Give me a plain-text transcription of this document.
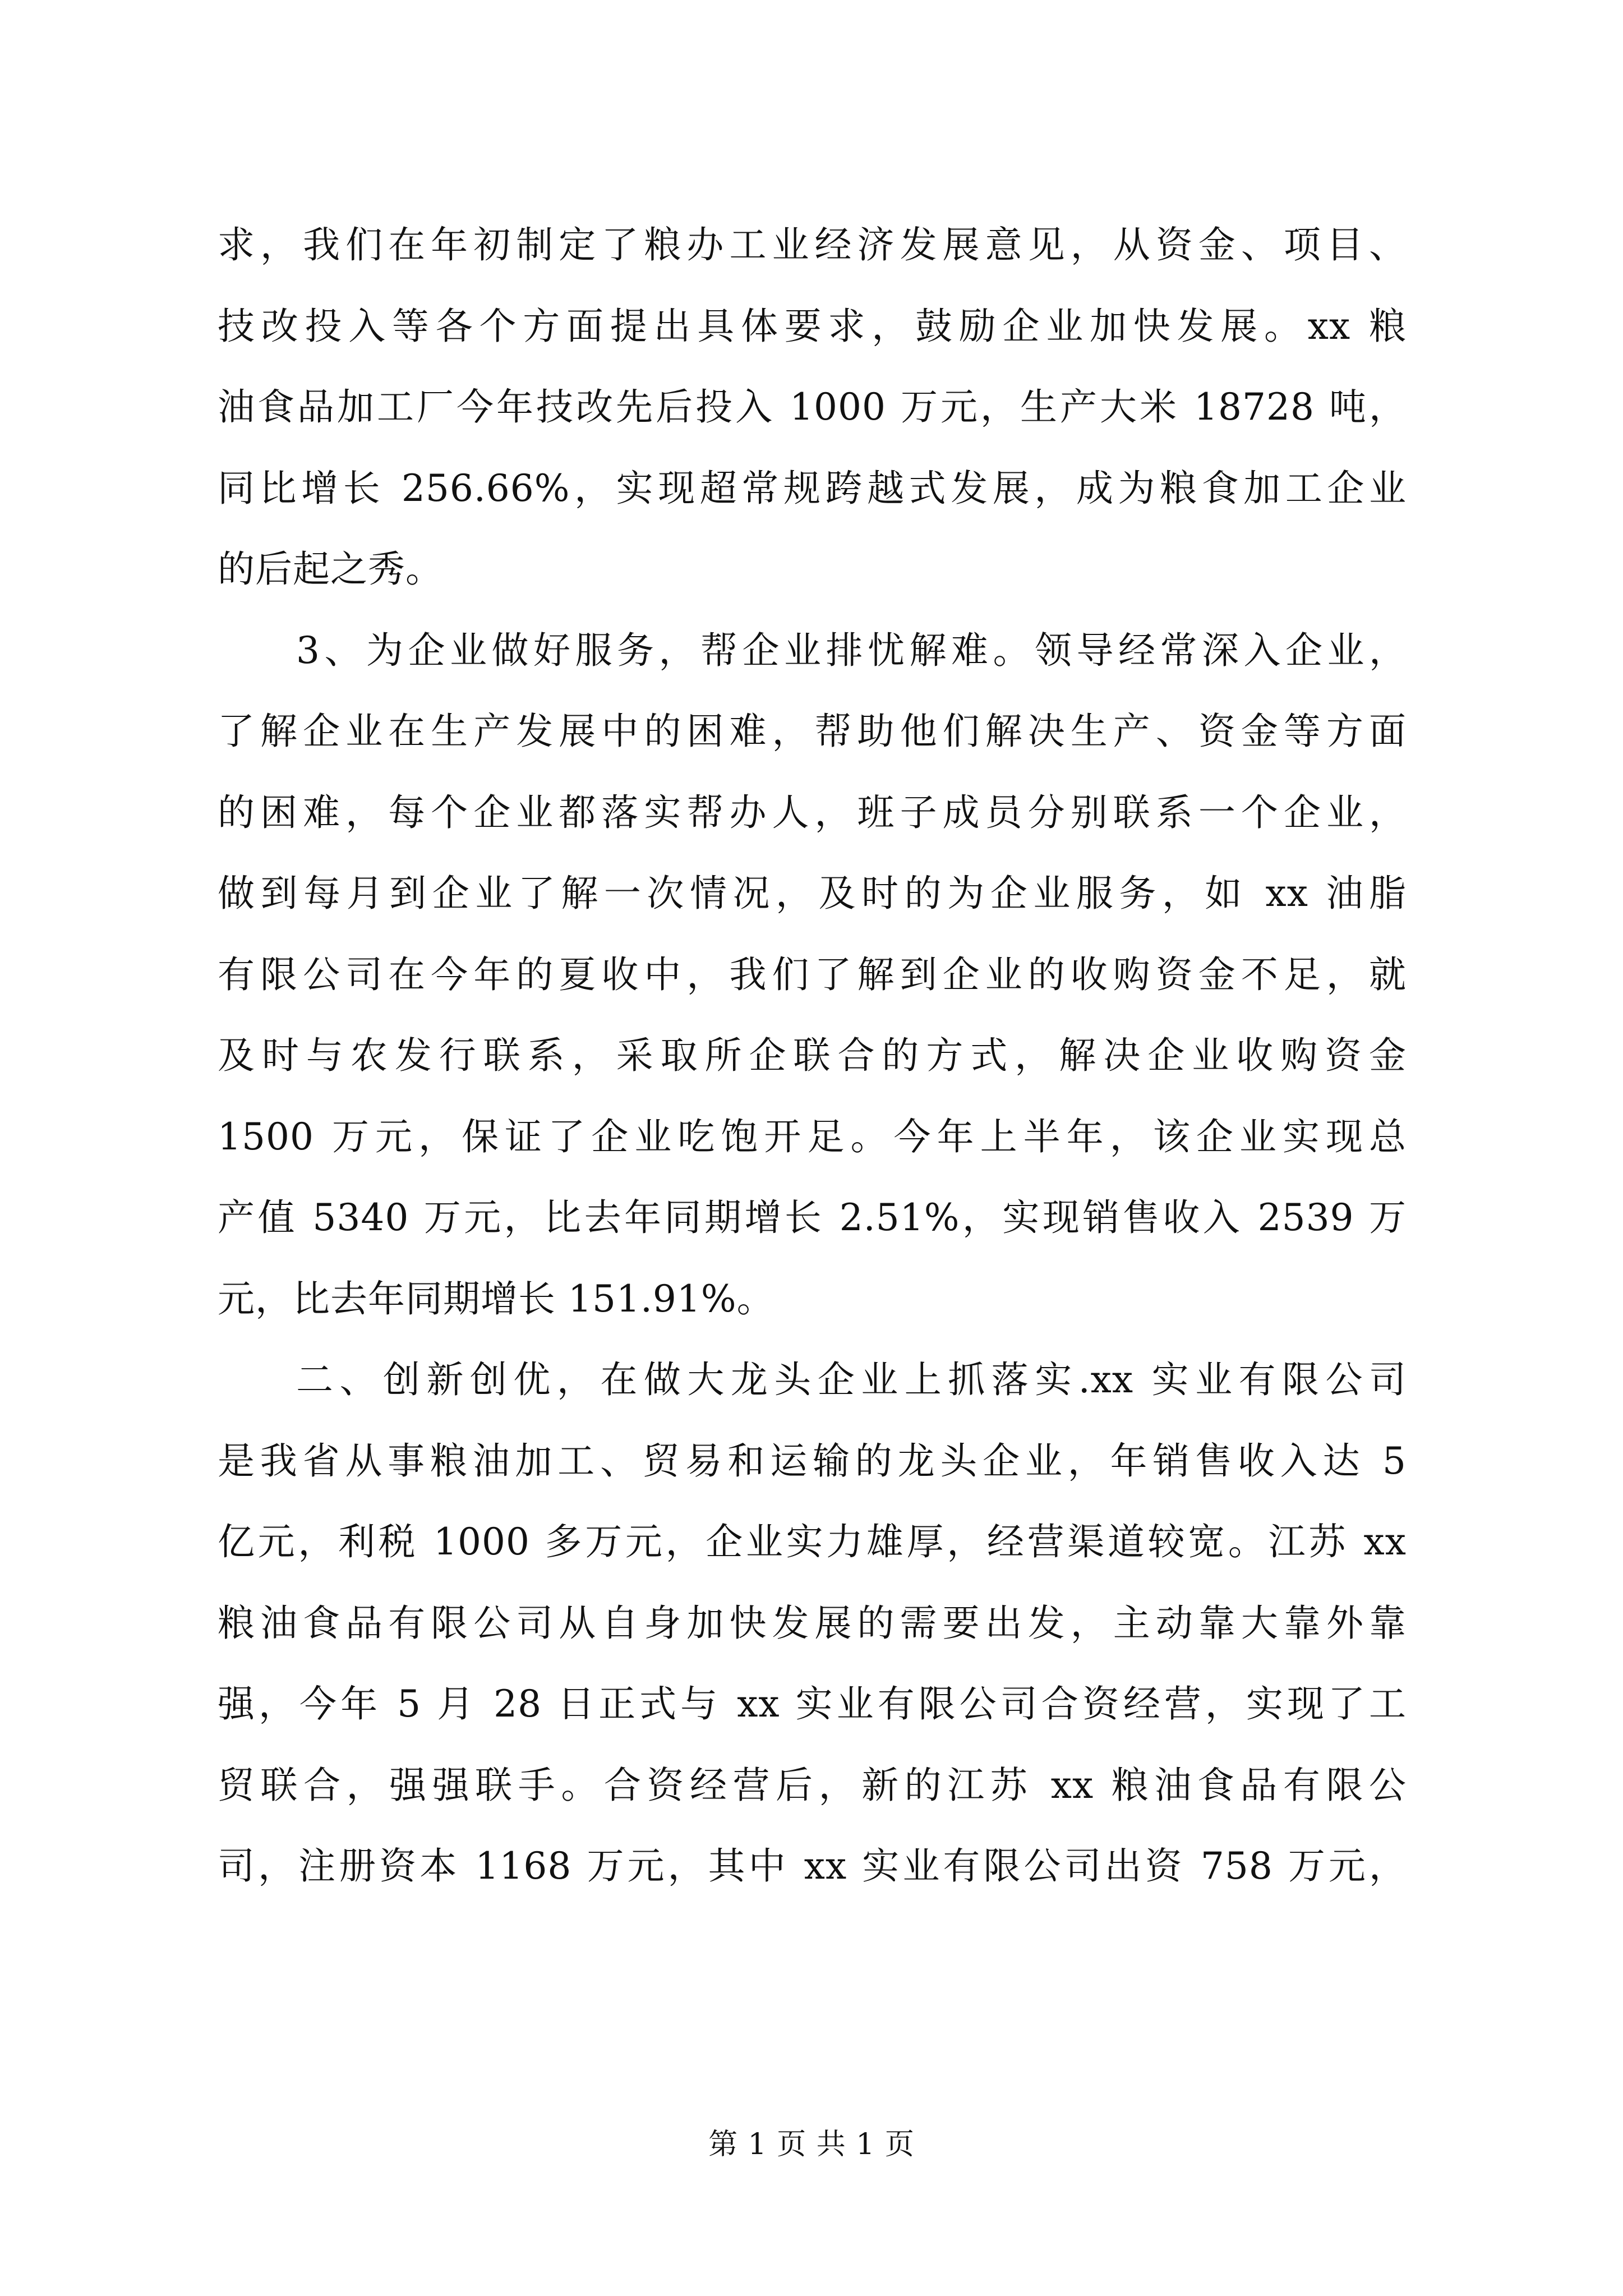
求，我们在年初制定了粮办工业经济发展意见，从资金、项目、
技改投入等各个方面提出具体要求，鼓励企业加快发展。xx 粮
油食品加工厂今年技改先后投入 1000 万元，生产大米 18728 吨，
同比增长 256.66%，实现超常规跨越式发展，成为粮食加工企业
的后起之秀。
3、为企业做好服务，帮企业排忧解难。领导经常深入企业，
了解企业在生产发展中的困难，帮助他们解决生产、资金等方面
的困难，每个企业都落实帮办人，班子成员分别联系一个企业，
做到每月到企业了解一次情况，及时的为企业服务，如 xx 油脂
有限公司在今年的夏收中，我们了解到企业的收购资金不足，就
及时与农发行联系，采取所企联合的方式，解决企业收购资金
1500 万元，保证了企业吃饱开足。今年上半年，该企业实现总
产值 5340 万元，比去年同期增长 2.51%，实现销售收入 2539 万
元，比去年同期增长 151.91%。
二、创新创优，在做大龙头企业上抓落实.xx 实业有限公司
是我省从事粮油加工、贸易和运输的龙头企业，年销售收入达 5
亿元，利税 1000 多万元，企业实力雄厚，经营渠道较宽。江苏 xx
粮油食品有限公司从自身加快发展的需要出发，主动靠大靠外靠
强，今年 5 月 28 日正式与 xx 实业有限公司合资经营，实现了工
贸联合，强强联手。合资经营后，新的江苏 xx 粮油食品有限公
司，注册资本 1168 万元，其中 xx 实业有限公司出资 758 万元，
第 1 页 共 1 页
